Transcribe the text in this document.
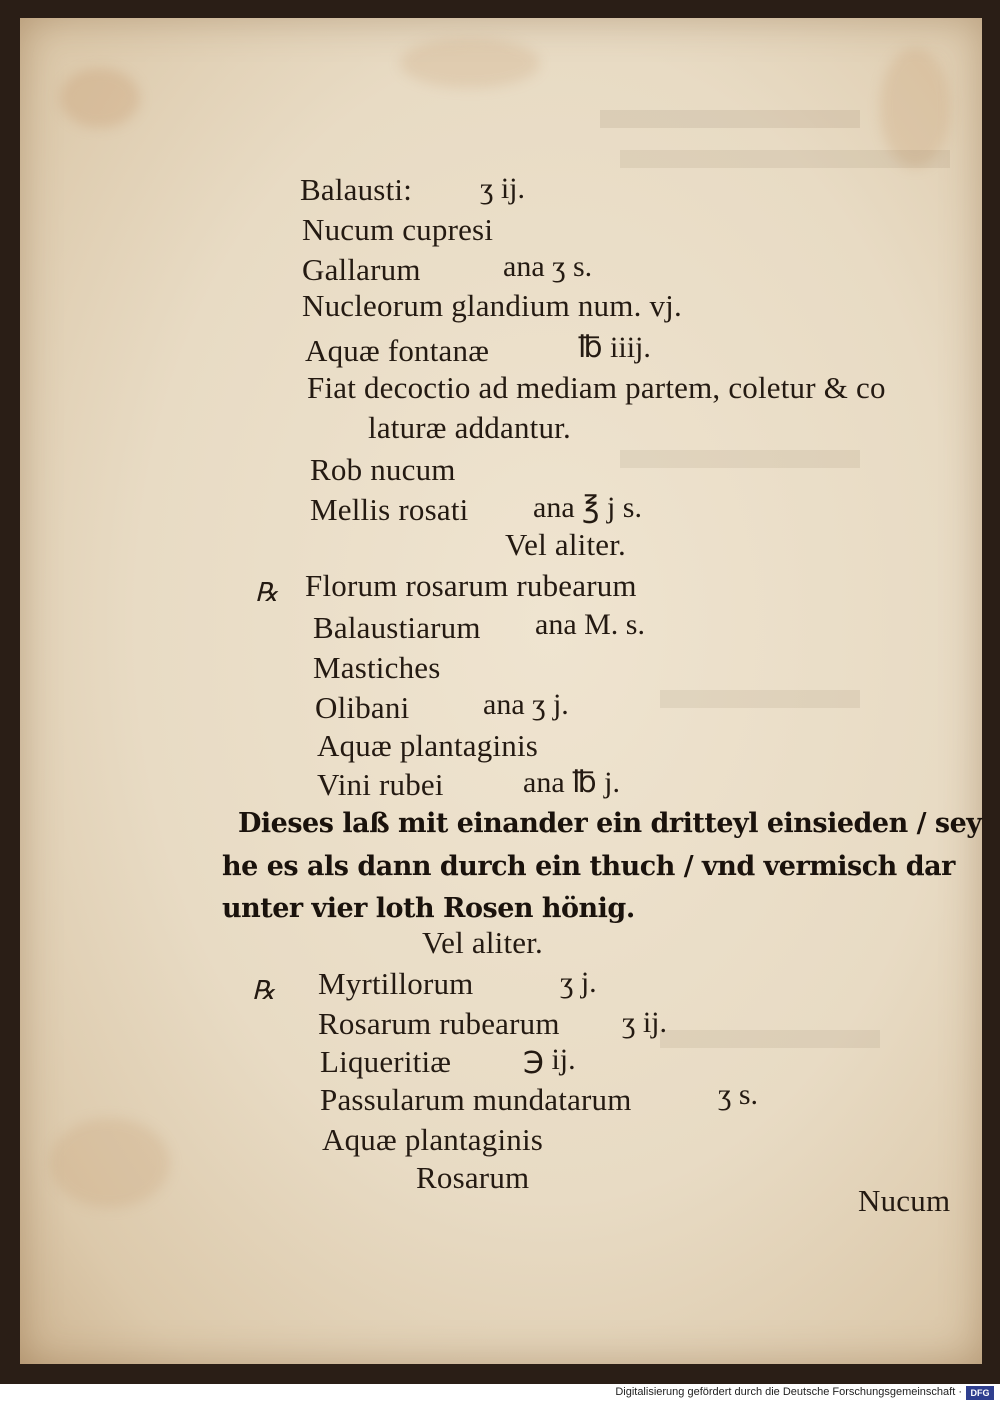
Balausti: ʒ ij.
Nucum cupresi
Gallarum	ana ʒ s.
Nucleorum glandium num. vj.
Aquæ fontanæ	℔ iiij.
Fiat decoctio ad mediam partem, coletur & co
laturæ addantur.
Rob nucum
Mellis rosati ana ℥ j s.
Vel aliter.
℞ Florum rosarum rubearum
Balaustiarum ana M. s.
Mastiches
Olibani ana ʒ j.
Aquæ plantaginis
Vini rubei	ana ℔ j.
Dieses laß mit einander ein dritteyl einsieden / sey
he es als dann durch ein thuch / vnd vermisch dar
unter vier loth Rosen hönig.
Vel aliter.
℞ Myrtillorum	ʒ j.
Rosarum rubearum ʒ ij.
Liqueritiæ ℈ ij.
Passularum mundatarum	ʒ s.
Aquæ plantaginis
Rosarum
Nucum
Digitalisierung gefördert durch die Deutsche Forschungsgemeinschaft · DFG
